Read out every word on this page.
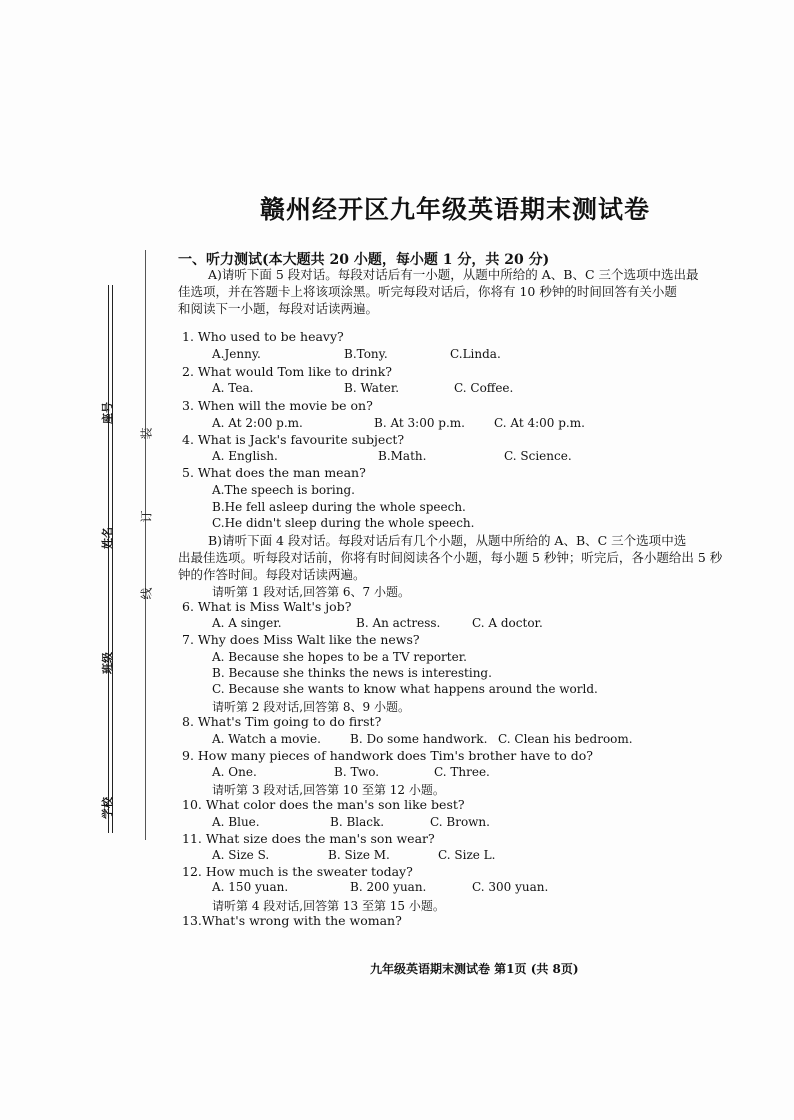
座号
姓名
班级
学校
装
订
线
赣州经开区九年级英语期末测试卷
一、听力测试(本大题共 20 小题，每小题 1 分，共 20 分)
A)请听下面 5 段对话。每段对话后有一小题，从题中所给的 A、B、C 三个选项中选出最
佳选项，并在答题卡上将该项涂黑。听完每段对话后，你将有 10 秒钟的时间回答有关小题
和阅读下一小题，每段对话读两遍。
1. Who used to be heavy?
A.Jenny.	B.Tony.	C.Linda.
2. What would Tom like to drink?
A. Tea.	B. Water.	C. Coffee.
3. When will the movie be on?
A. At 2:00 p.m.	B. At 3:00 p.m. C. At 4:00 p.m.
4. What is Jack's favourite subject?
A. English.	B.Math.	C. Science.
5. What does the man mean?
A.The speech is boring.
B.He fell asleep during the whole speech.
C.He didn't sleep during the whole speech.
B)请听下面 4 段对话。每段对话后有几个小题，从题中所给的 A、B、C 三个选项中选
出最佳选项。听每段对话前，你将有时间阅读各个小题，每小题 5 秒钟；听完后，各小题给出 5 秒
钟的作答时间。每段对话读两遍。
请听第 1 段对话,回答第 6、7 小题。
6. What is Miss Walt's job?
A. A singer.	B. An actress.	C. A doctor.
7. Why does Miss Walt like the news?
A. Because she hopes to be a TV reporter.
B. Because she thinks the news is interesting.
C. Because she wants to know what happens around the world.
请听第 2 段对话,回答第 8、9 小题。
8. What's Tim going to do first?
A. Watch a movie. B. Do some handwork. C. Clean his bedroom.
9. How many pieces of handwork does Tim's brother have to do?
A. One.	B. Two.	C. Three.
请听第 3 段对话,回答第 10 至第 12 小题。
10. What color does the man's son like best?
A. Blue.	B. Black.	C. Brown.
11. What size does the man's son wear?
A. Size S.	B. Size M.	C. Size L.
12. How much is the sweater today?
A. 150 yuan.	B. 200 yuan.	C. 300 yuan.
请听第 4 段对话,回答第 13 至第 15 小题。
13.What's wrong with the woman?
九年级英语期末测试卷 第1页 (共 8页)
